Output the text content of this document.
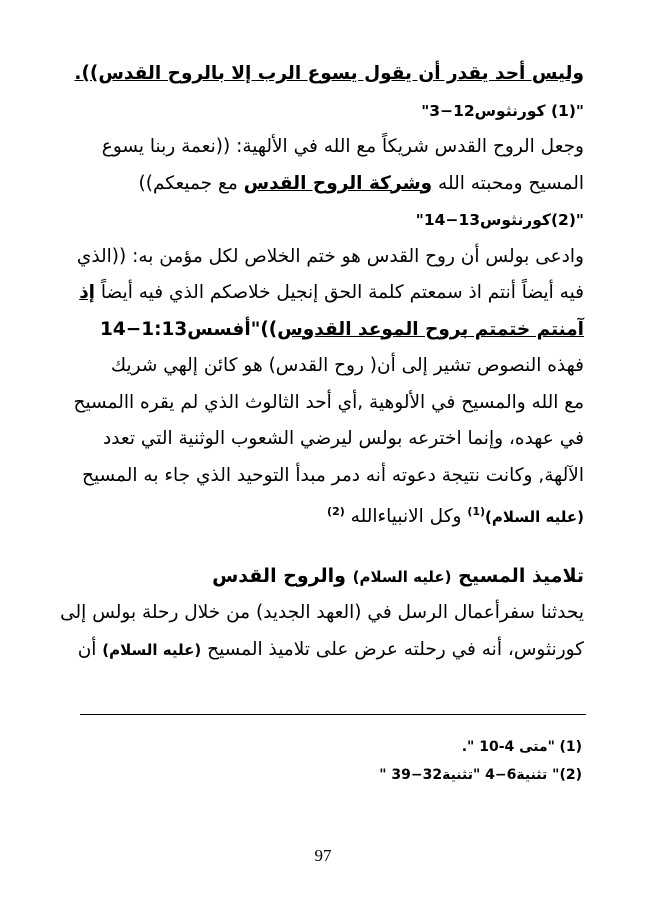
وليس أحد يقدر أن يقول يسوع الرب إلا بالروح القدس)).
"(1) كورنثوس12−3"
وجعل الروح القدس شريكاً مع الله في الألهية: ((نعمة ربنا يسوع
المسيح ومحبته الله وشركة الروح القدس مع جميعكم))
"(2)كورنثوس13−14"
وادعى بولس أن روح القدس هو ختم الخلاص لكل مؤمن به: ((الذي
فيه أيضاً أنتم اذ سمعتم كلمة الحق إنجيل خلاصكم الذي فيه أيضاً إذ
آمنتم ختمتم بروح الموعد القدوس))"أفسس1:13−14
فهذه النصوص تشير إلى أن( روح القدس) هو كائن إلهي شريك
مع الله والمسيح في الألوهية ,أي أحد الثالوث الذي لم يقره االمسيح
في عهده، وإنما اخترعه بولس ليرضي الشعوب الوثنية التي تعدد
الآلهة, وكانت نتيجة دعوته أنه دمر مبدأ التوحيد الذي جاء به المسيح
(عليه السلام)$^{(1)}$ وكل الانبياءالله $^{(2)}$
تلاميذ المسيح (عليه السلام) والروح القدس
يحدثنا سفرأعمال الرسل في (العهد الجديد) من خلال رحلة بولس إلى
كورنثوس، أنه في رحلته عرض على تلاميذ المسيح (عليه السلام) أن
(1) "متى 4-10 ".
(2)" تثنية6−4 "تثنية32−39 "
97
